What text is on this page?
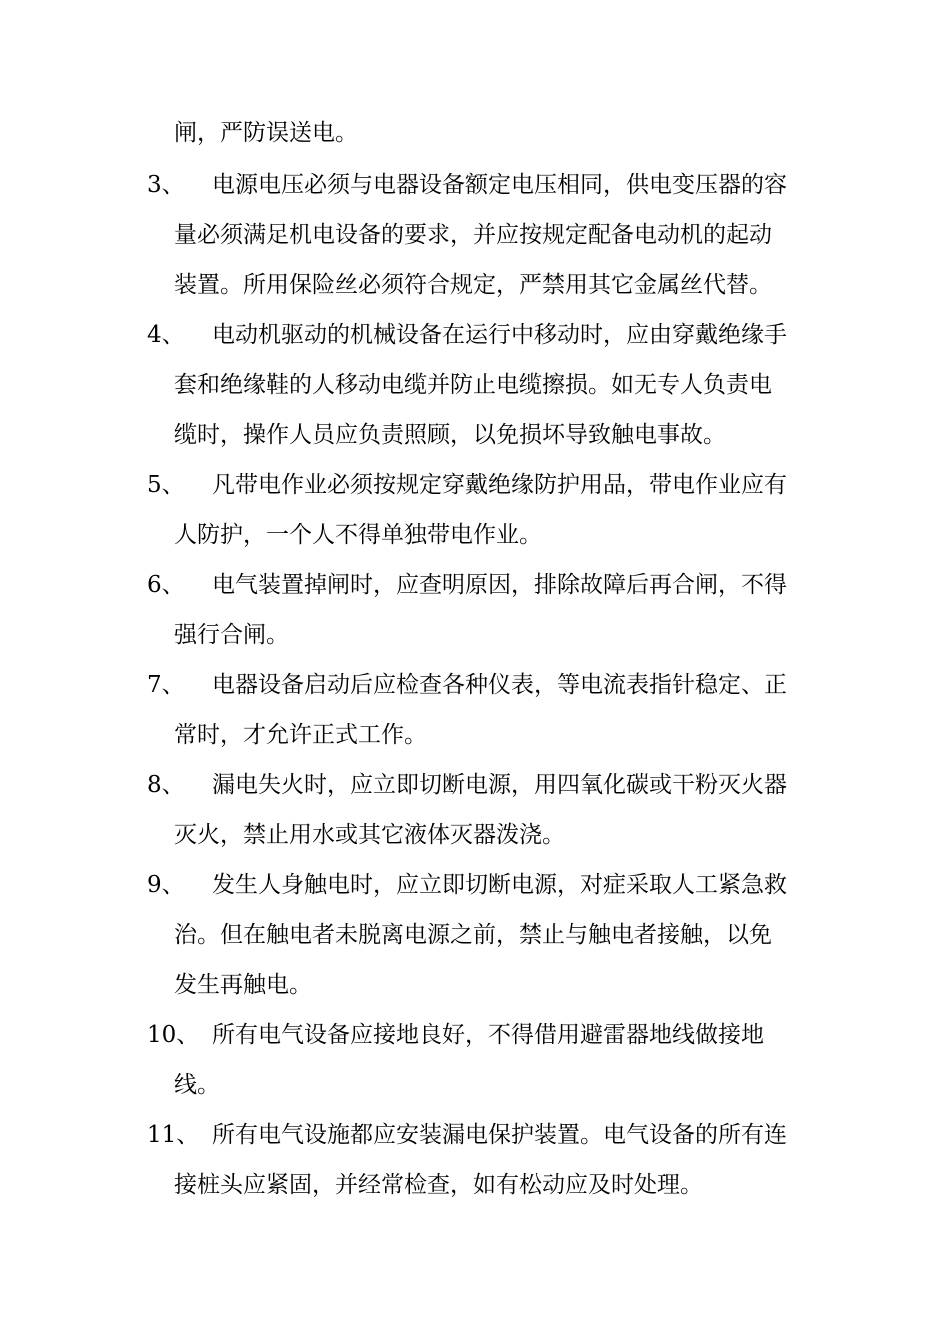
闸，严防误送电。
3、 电源电压必须与电器设备额定电压相同，供电变压器的容
量必须满足机电设备的要求，并应按规定配备电动机的起动
装置。所用保险丝必须符合规定，严禁用其它金属丝代替。
4、 电动机驱动的机械设备在运行中移动时，应由穿戴绝缘手
套和绝缘鞋的人移动电缆并防止电缆擦损。如无专人负责电
缆时，操作人员应负责照顾，以免损坏导致触电事故。
5、 凡带电作业必须按规定穿戴绝缘防护用品，带电作业应有
人防护，一个人不得单独带电作业。
6、 电气装置掉闸时，应查明原因，排除故障后再合闸，不得
强行合闸。
7、 电器设备启动后应检查各种仪表，等电流表指针稳定、正
常时，才允许正式工作。
8、 漏电失火时，应立即切断电源，用四氧化碳或干粉灭火器
灭火，禁止用水或其它液体灭器泼浇。
9、 发生人身触电时，应立即切断电源，对症采取人工紧急救
治。但在触电者未脱离电源之前，禁止与触电者接触，以免
发生再触电。
10、 所有电气设备应接地良好，不得借用避雷器地线做接地
线。
11、 所有电气设施都应安装漏电保护装置。电气设备的所有连
接桩头应紧固，并经常检查，如有松动应及时处理。
